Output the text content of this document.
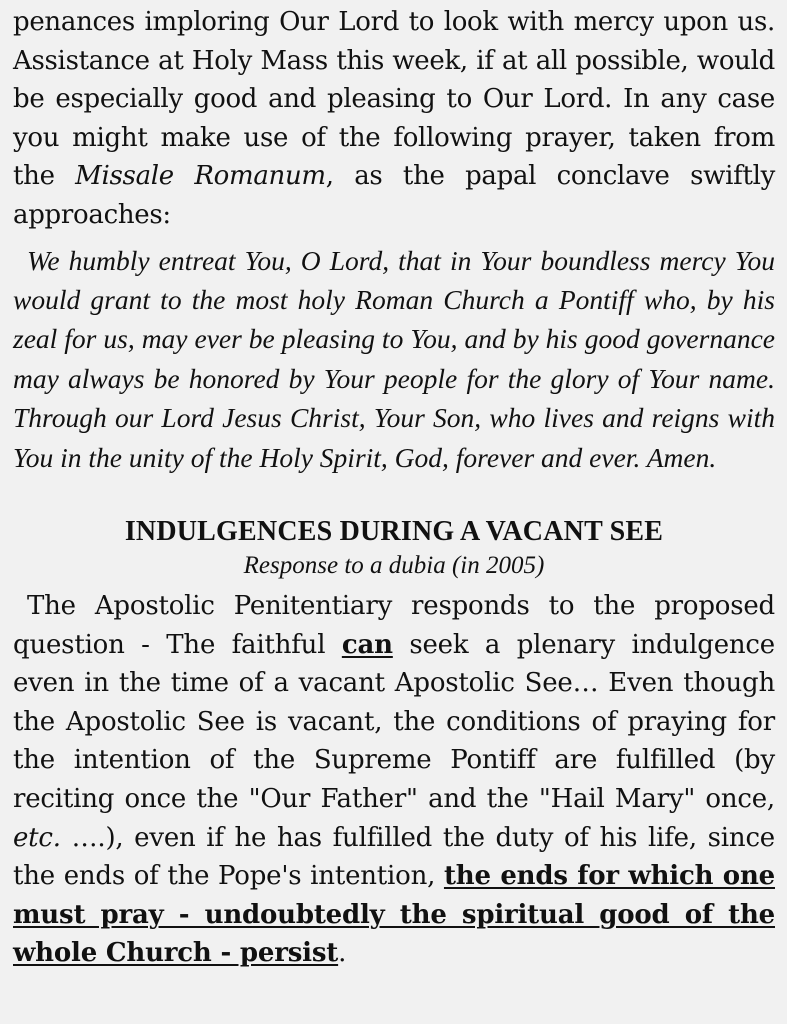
penances imploring Our Lord to look with mercy upon us. Assistance at Holy Mass this week, if at all possible, would be especially good and pleasing to Our Lord. In any case you might make use of the following prayer, taken from the Missale Romanum, as the papal conclave swiftly approaches:

We humbly entreat You, O Lord, that in Your boundless mercy You would grant to the most holy Roman Church a Pontiff who, by his zeal for us, may ever be pleasing to You, and by his good governance may always be honored by Your people for the glory of Your name. Through our Lord Jesus Christ, Your Son, who lives and reigns with You in the unity of the Holy Spirit, God, forever and ever. Amen.

INDULGENCES DURING A VACANT SEE

Response to a dubia (in 2005)

The Apostolic Penitentiary responds to the proposed question - The faithful can seek a plenary indulgence even in the time of a vacant Apostolic See… Even though the Apostolic See is vacant, the conditions of praying for the intention of the Supreme Pontiff are fulfilled (by reciting once the "Our Father" and the "Hail Mary" once, etc. ….), even if he has fulfilled the duty of his life, since the ends of the Pope's intention, the ends for which one must pray - undoubtedly the spiritual good of the whole Church - persist.
